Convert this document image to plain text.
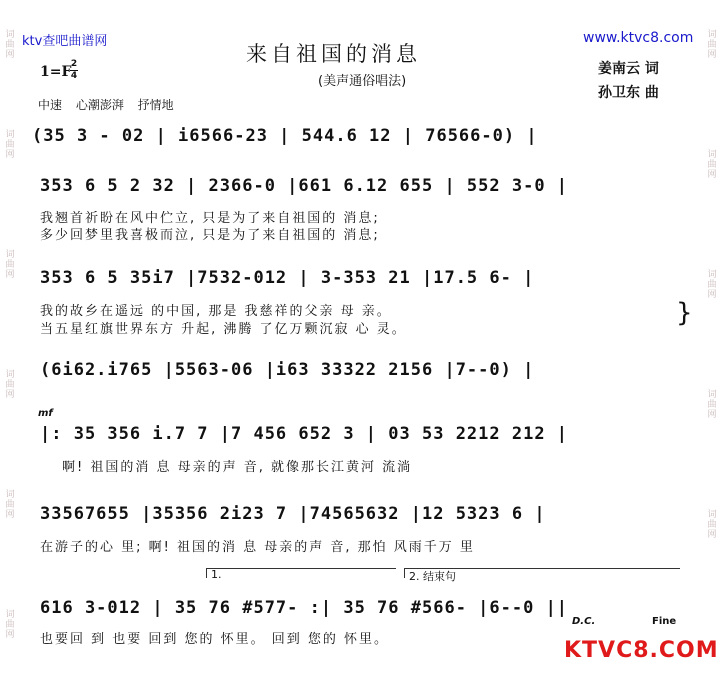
词曲网
词曲网
词曲网
词曲网
词曲网
词曲网
词曲网
词曲网
词曲网
词曲网
词曲网
ktv查吧曲谱网	www.ktvc8.com
来自祖国的消息
(美声通俗唱法)
姜南云 词
孙卫东 曲
1=F 2
4
中速 心潮澎湃 抒情地
(35 3 - 02 | i6566-23 | 544.6 12 | 76566-0) |
353 6 5 2 32 | 2366-0 |661 6.12 655 | 552 3-0 |
我翘首祈盼在风中伫立, 只是为了来自祖国的 消息;
多少回梦里我喜极而泣, 只是为了来自祖国的 消息;
353 6 5 35i7 |7532-012 | 3-353 21 |17.5 6- |
我的故乡在遥远 的中国, 那是 我慈祥的父亲 母 亲。
当五星红旗世界东方 升起, 沸腾 了亿万颗沉寂 心 灵。
}
(6i62.i765 |5563-06 |i63 33322 2156 |7--0) |
mf
|: 35 356 i.7 7 |7 456 652 3 | 03 53 2212 212 |
啊! 祖国的消 息 母亲的声 音, 就像那长江黄河 流淌
33567655 |35356 2i23 7 |74565632 |12 5323 6 |
在游子的心 里; 啊! 祖国的消 息 母亲的声 音, 那怕 风雨千万 里
1.	2. 结束句
616 3-012 | 35 76 #577- :| 35 76 #566- |6--0 ||
D.C.	Fine
也要回 到 也要 回到 您的 怀里。 回到 您的 怀里。	KTVC8.COM
